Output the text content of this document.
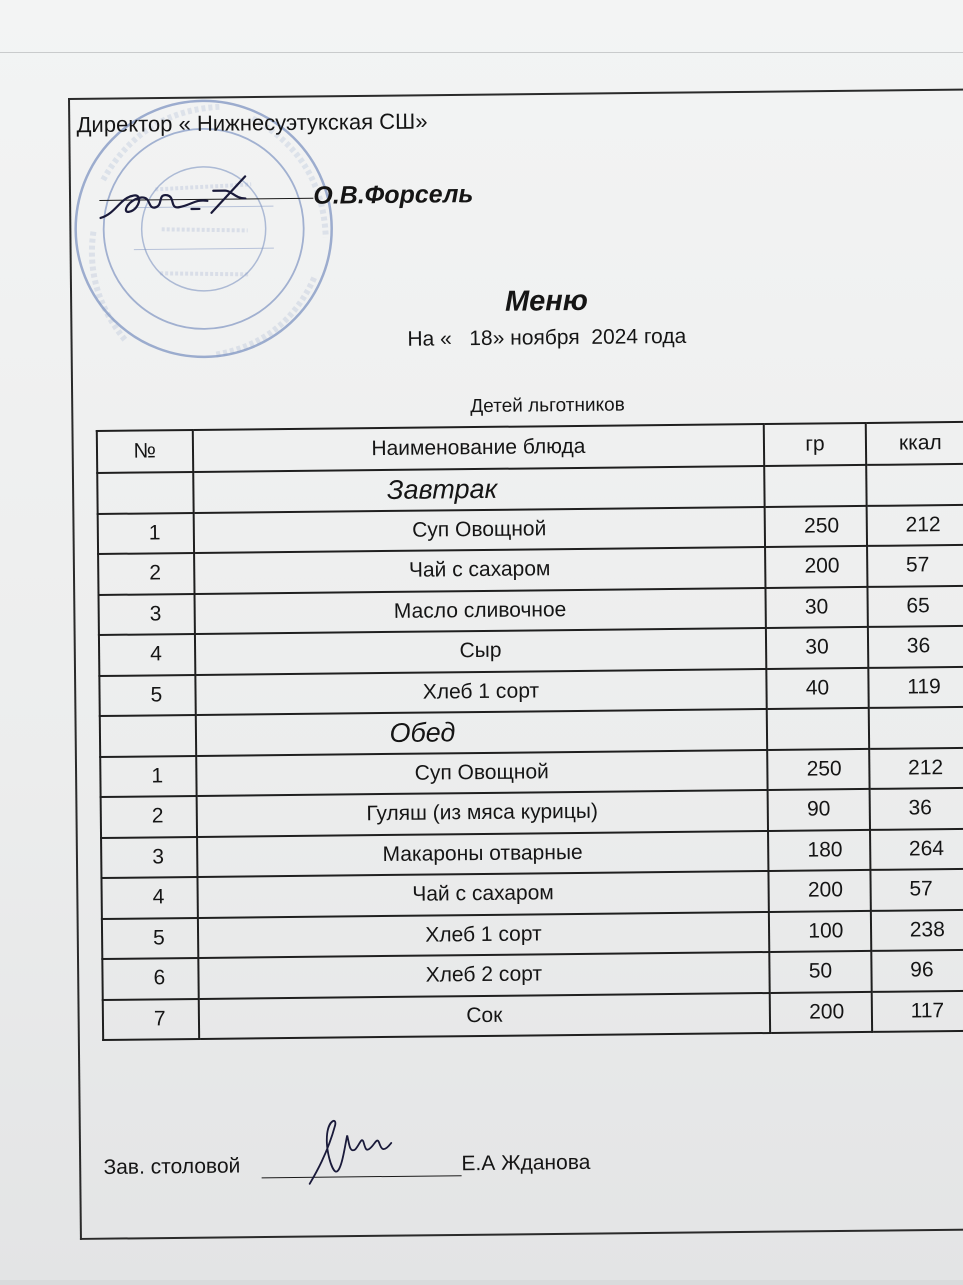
Директор « Нижнесуэтукская СШ»
О.В.Форсель
Меню
На «   18» ноября  2024 года
Детей льготников
№	Наименование блюда	гр	ккал
	Завтрак		
1	Суп Овощной	250	212
2	Чай с сахаром	200	57
3	Масло сливочное	30	65
4	Сыр	30	36
5	Хлеб 1 сорт	40	119
	Обед		
1	Суп Овощной	250	212
2	Гуляш (из мяса курицы)	90	36
3	Макароны отварные	180	264
4	Чай с сахаром	200	57
5	Хлеб 1 сорт	100	238
6	Хлеб 2 сорт	50	96
7	Сок	200	117
Зав. столовой	Е.А Жданова
